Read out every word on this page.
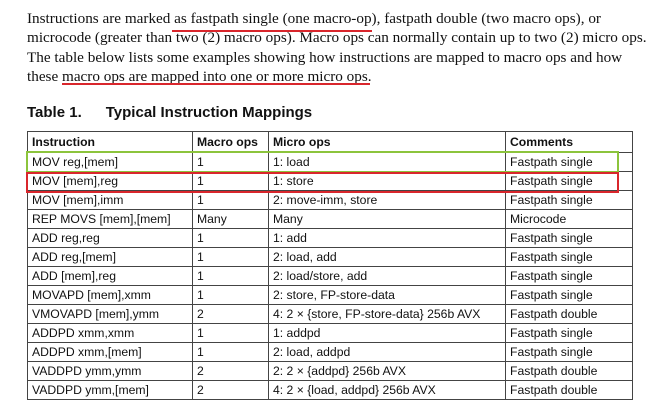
Instructions are marked as fastpath single (one macro-op), fastpath double (two macro ops), or
microcode (greater than two (2) macro ops). Macro ops can normally contain up to two (2) micro ops.
The table below lists some examples showing how instructions are mapped to macro ops and how
these macro ops are mapped into one or more micro ops.

Table 1. Typical Instruction Mappings
Instruction	Macro ops	Micro ops	Comments
MOV reg,[mem]	1	1: load	Fastpath single
MOV [mem],reg	1	1: store	Fastpath single
MOV [mem],imm	1	2: move-imm, store	Fastpath single
REP MOVS [mem],[mem]	Many	Many	Microcode
ADD reg,reg	1	1: add	Fastpath single
ADD reg,[mem]	1	2: load, add	Fastpath single
ADD [mem],reg	1	2: load/store, add	Fastpath single
MOVAPD [mem],xmm	1	2: store, FP-store-data	Fastpath single
VMOVAPD [mem],ymm	2	4: 2 × {store, FP-store-data} 256b AVX	Fastpath double
ADDPD xmm,xmm	1	1: addpd	Fastpath single
ADDPD xmm,[mem]	1	2: load, addpd	Fastpath single
VADDPD ymm,ymm	2	2: 2 × {addpd} 256b AVX	Fastpath double
VADDPD ymm,[mem]	2	4: 2 × {load, addpd} 256b AVX	Fastpath double
